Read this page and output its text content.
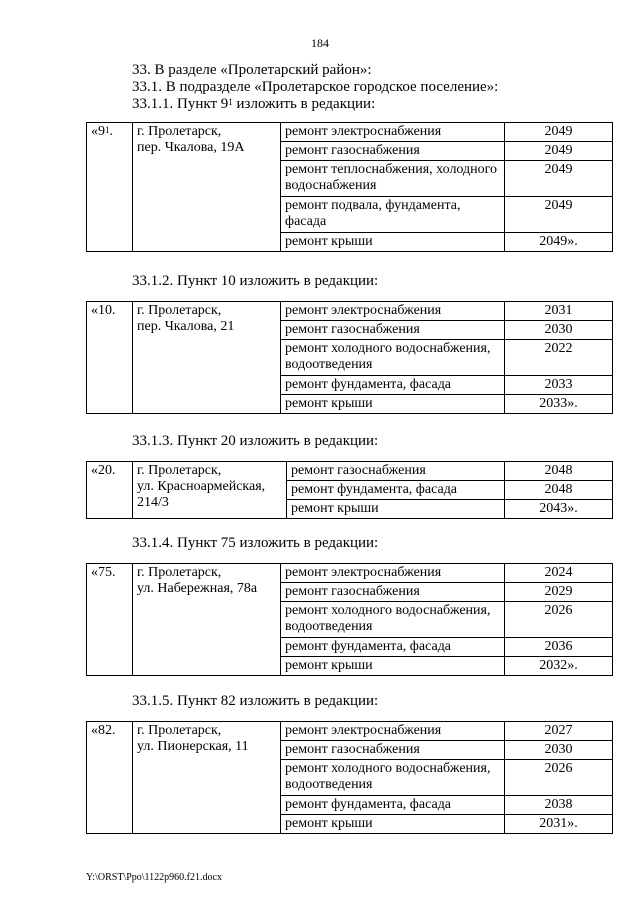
184
33. В разделе «Пролетарский район»:
33.1. В подразделе «Пролетарское городское поселение»:
33.1.1. Пункт $9^1$ изложить в редакции:
«$9^1$.	г. Пролетарск,
пер. Чкалова, 19А	ремонт электроснабжения	2049
		ремонт газоснабжения	2049
		ремонт теплоснабжения, холодного водоснабжения	2049
		ремонт подвала, фундамента, фасада	2049
		ремонт крыши	2049».
33.1.2. Пункт 10 изложить в редакции:
«10.	г. Пролетарск,
пер. Чкалова, 21	ремонт электроснабжения	2031
		ремонт газоснабжения	2030
		ремонт холодного водоснабжения, водоотведения	2022
		ремонт фундамента, фасада	2033
		ремонт крыши	2033».
33.1.3. Пункт 20 изложить в редакции:
«20.	г. Пролетарск,
ул. Красноармейская, 214/3	ремонт газоснабжения	2048
		ремонт фундамента, фасада	2048
		ремонт крыши	2043».
33.1.4. Пункт 75 изложить в редакции:
«75.	г. Пролетарск,
ул. Набережная, 78а	ремонт электроснабжения	2024
		ремонт газоснабжения	2029
		ремонт холодного водоснабжения, водоотведения	2026
		ремонт фундамента, фасада	2036
		ремонт крыши	2032».
33.1.5. Пункт 82 изложить в редакции:
«82.	г. Пролетарск,
ул. Пионерская, 11	ремонт электроснабжения	2027
		ремонт газоснабжения	2030
		ремонт холодного водоснабжения, водоотведения	2026
		ремонт фундамента, фасада	2038
		ремонт крыши	2031».
Y:\ORST\Ppo\1122p960.f21.docx
